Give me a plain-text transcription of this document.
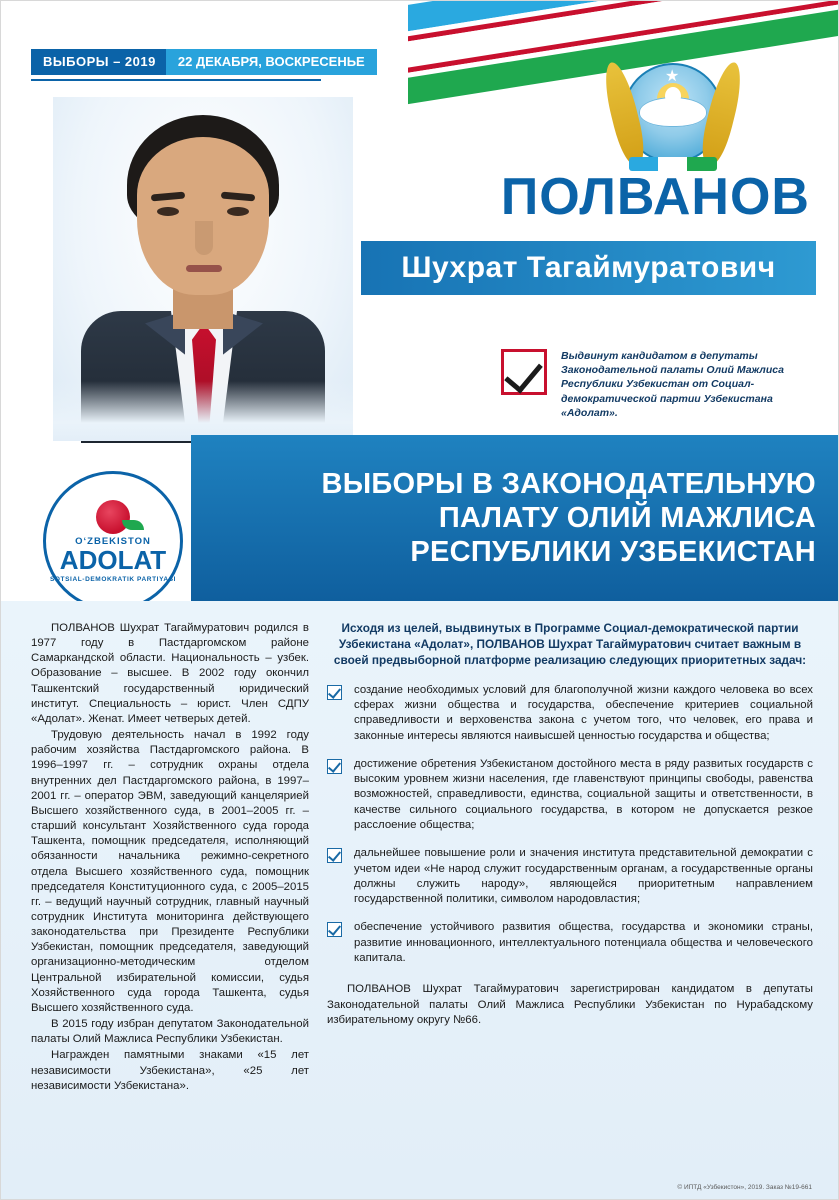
★
ВЫБОРЫ – 2019	22 ДЕКАБРЯ, ВОСКРЕСЕНЬЕ
ПОЛВАНОВ
Шухрат Тагаймуратович

Выдвинут кандидатом в депутаты Законодательной палаты Олий Мажлиса Республики Узбекистан от Социал-демократической партии Узбекистана «Адолат».

O‘ZBEKISTON
ADOLAT
SOTSIAL-DEMOKRATIK PARTIYASI
ВЫБОРЫ В ЗАКОНОДАТЕЛЬНУЮ
ПАЛАТУ ОЛИЙ МАЖЛИСА
РЕСПУБЛИКИ УЗБЕКИСТАН

ПОЛВАНОВ Шухрат Тагаймуратович родился в 1977 году в Пастдаргомском районе Самаркандской области. Национальность – узбек. Образование – высшее. В 2002 году окончил Ташкентский государственный юридический институт. Специальность – юрист. Член СДПУ «Адолат». Женат. Имеет четверых детей.

Трудовую деятельность начал в 1992 году рабочим хозяйства Пастдаргомского района. В 1996–1997 гг. – сотрудник охраны отдела внутренних дел Пастдаргомского района, в 1997–2001 гг. – оператор ЭВМ, заведующий канцелярией Высшего хозяйственного суда, в 2001–2005 гг. – старший консультант Хозяйственного суда города Ташкента, помощник председателя, исполняющий обязанности начальника режимно-секретного отдела Высшего хозяйственного суда, помощник председателя Конституционного суда, с 2005–2015 гг. – ведущий научный сотрудник, главный научный сотрудник Института мониторинга действующего законодательства при Президенте Республики Узбекистан, помощник председателя, заведующий организационно-методическим отделом Центральной избирательной комиссии, судья Хозяйственного суда города Ташкента, судья Высшего хозяйственного суда.

В 2015 году избран депутатом Законодательной палаты Олий Мажлиса Республики Узбекистан.

Награжден памятными знаками «15 лет независимости Узбекистана», «25 лет независимости Узбекистана».

Исходя из целей, выдвинутых в Программе Социал-демократической партии Узбекистана «Адолат», ПОЛВАНОВ Шухрат Тагаймуратович считает важным в своей предвыборной платформе реализацию следующих приоритетных задач:

создание необходимых условий для благополучной жизни каждого человека во всех сферах жизни общества и государства, обеспечение критериев социальной справедливости и верховенства закона с учетом того, что человек, его права и законные интересы являются наивысшей ценностью государства и общества;

достижение обретения Узбекистаном достойного места в ряду развитых государств с высоким уровнем жизни населения, где главенствуют принципы свободы, равенства возможностей, справедливости, единства, социальной защиты и ответственности, в качестве сильного социального государства, в котором не допускается резкое расслоение общества;

дальнейшее повышение роли и значения института представительной демократии с учетом идеи «Не народ служит государственным органам, а государственные органы должны служить народу», являющейся приоритетным направлением государственной политики, символом народовластия;

обеспечение устойчивого развития общества, государства и экономики страны, развитие инновационного, интеллектуального потенциала общества и человеческого капитала.

ПОЛВАНОВ Шухрат Тагаймуратович зарегистрирован кандидатом в депутаты Законодательной палаты Олий Мажлиса Республики Узбекистан по Нурабадскому избирательному округу №66.
© ИПТД «Узбекистон», 2019. Заказ №19-661
